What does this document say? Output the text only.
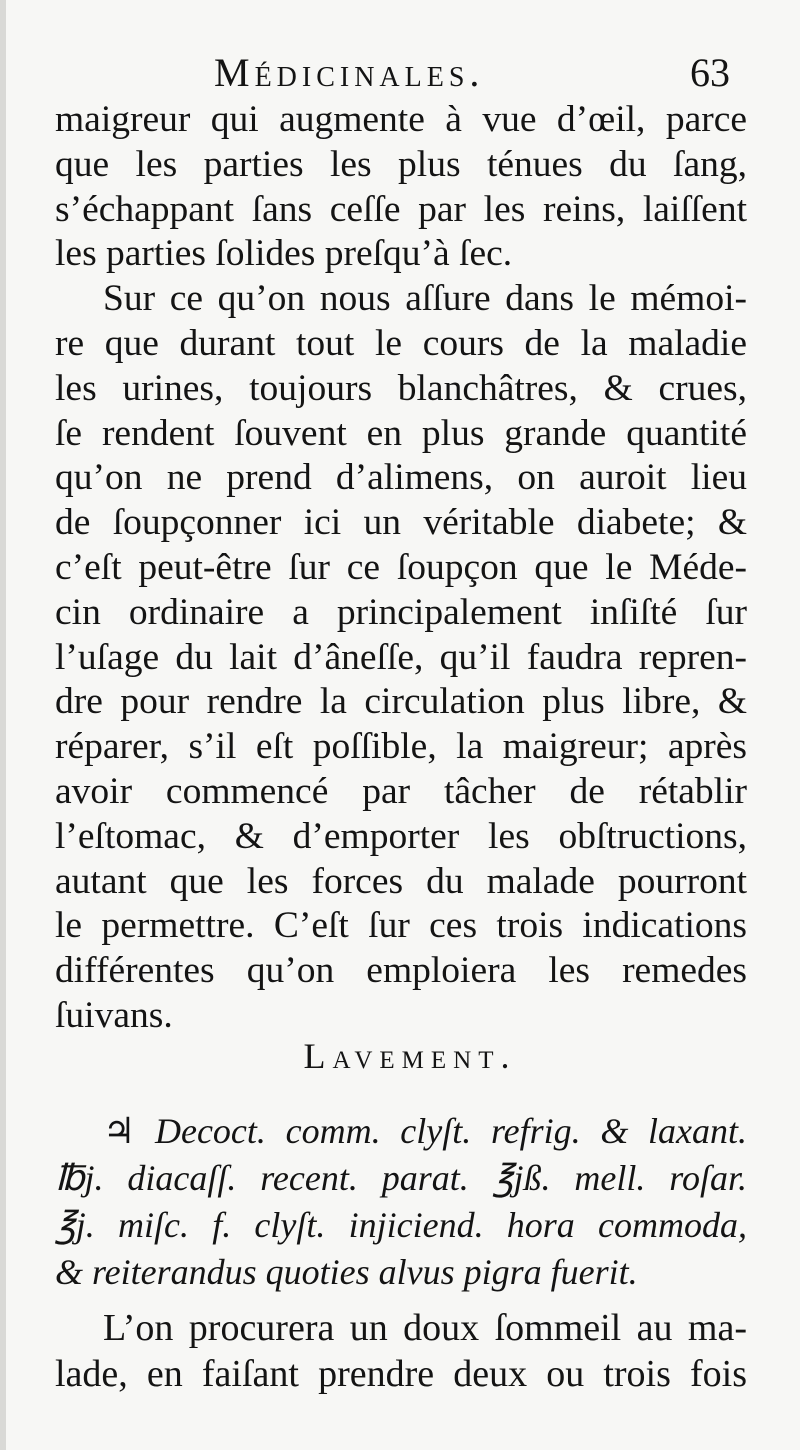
Médicinales.	63
maigreur qui augmente à vue d’œil, parce
que les parties les plus ténues du ſang,
s’échappant ſans ceſſe par les reins, laiſſent
les parties ſolides preſqu’à ſec.
Sur ce qu’on nous aſſure dans le mémoi-
re que durant tout le cours de la maladie
les urines, toujours blanchâtres, & crues,
ſe rendent ſouvent en plus grande quantité
qu’on ne prend d’alimens, on auroit lieu
de ſoupçonner ici un véritable diabete; &
c’eſt peut-être ſur ce ſoupçon que le Méde-
cin ordinaire a principalement inſiſté ſur
l’uſage du lait d’âneſſe, qu’il faudra repren-
dre pour rendre la circulation plus libre, &
réparer, s’il eſt poſſible, la maigreur; après
avoir commencé par tâcher de rétablir
l’eſtomac, & d’emporter les obſtructions,
autant que les forces du malade pourront
le permettre. C’eſt ſur ces trois indications
différentes qu’on emploiera les remedes
ſuivans.
Lavement.
♃ Decoct. comm. clyſt. refrig. & laxant.
℔j. diacaſſ. recent. parat. ℥jß. mell. roſar.
℥j. miſc. f. clyſt. injiciend. hora commoda,
& reiterandus quoties alvus pigra fuerit.
L’on procurera un doux ſommeil au ma-
lade, en faiſant prendre deux ou trois fois
